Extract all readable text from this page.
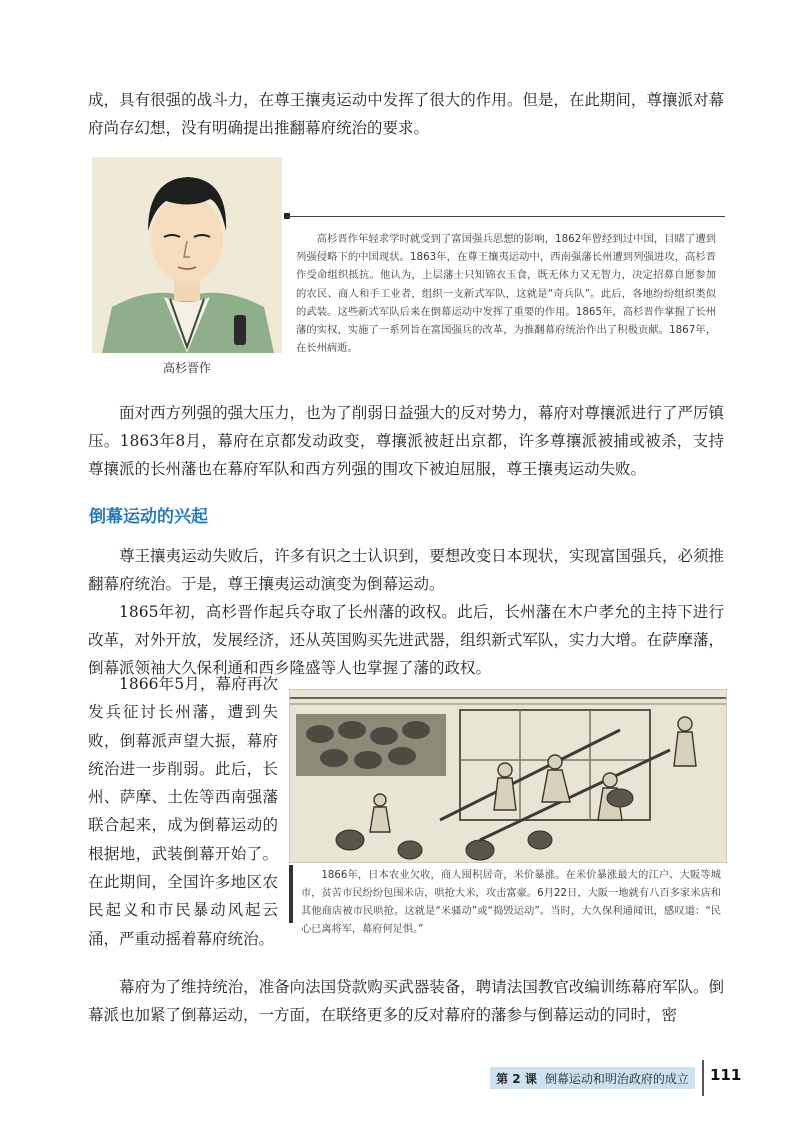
成，具有很强的战斗力，在尊王攘夷运动中发挥了很大的作用。但是，在此期间，尊攘派对幕府尚存幻想，没有明确提出推翻幕府统治的要求。

高杉晋作
高杉晋作年轻求学时就受到了富国强兵思想的影响，1862年曾经到过中国，目睹了遭到列强侵略下的中国现状。1863年，在尊王攘夷运动中，西南强藩长州遭到列强进攻，高杉晋作受命组织抵抗。他认为，上层藩士只知锦衣玉食，既无体力又无智力，决定招募自愿参加的农民、商人和手工业者，组织一支新式军队，这就是“奇兵队”。此后，各地纷纷组织类似的武装。这些新式军队后来在倒幕运动中发挥了重要的作用。1865年，高杉晋作掌握了长州藩的实权，实施了一系列旨在富国强兵的改革，为推翻幕府统治作出了积极贡献。1867年，在长州病逝。

面对西方列强的强大压力，也为了削弱日益强大的反对势力，幕府对尊攘派进行了严厉镇压。1863年8月，幕府在京都发动政变，尊攘派被赶出京都，许多尊攘派被捕或被杀，支持尊攘派的长州藩也在幕府军队和西方列强的围攻下被迫屈服，尊王攘夷运动失败。

倒幕运动的兴起

尊王攘夷运动失败后，许多有识之士认识到，要想改变日本现状，实现富国强兵，必须推翻幕府统治。于是，尊王攘夷运动演变为倒幕运动。

1865年初，高杉晋作起兵夺取了长州藩的政权。此后，长州藩在木户孝允的主持下进行改革，对外开放，发展经济，还从英国购买先进武器，组织新式军队，实力大增。在萨摩藩，倒幕派领袖大久保利通和西乡隆盛等人也掌握了藩的政权。

1866年5月，幕府再次发兵征讨长州藩，遭到失败，倒幕派声望大振，幕府统治进一步削弱。此后，长州、萨摩、土佐等西南强藩联合起来，成为倒幕运动的根据地，武装倒幕开始了。在此期间，全国许多地区农民起义和市民暴动风起云涌，严重动摇着幕府统治。

1866年，日本农业欠收，商人囤积居奇，米价暴涨。在米价暴涨最大的江户、大阪等城市，贫苦市民纷纷包围米店，哄抢大米，攻击富豪。6月22日，大阪一地就有八百多家米店和其他商店被市民哄抢。这就是“米骚动”或“捣毁运动”。当时，大久保利通闻讯，感叹道：“民心已离将军，幕府何足惧。”

幕府为了维持统治，准备向法国贷款购买武器装备，聘请法国教官改编训练幕府军队。倒幕派也加紧了倒幕运动，一方面，在联络更多的反对幕府的藩参与倒幕运动的同时，密

第 2 课 倒幕运动和明治政府的成立 111
